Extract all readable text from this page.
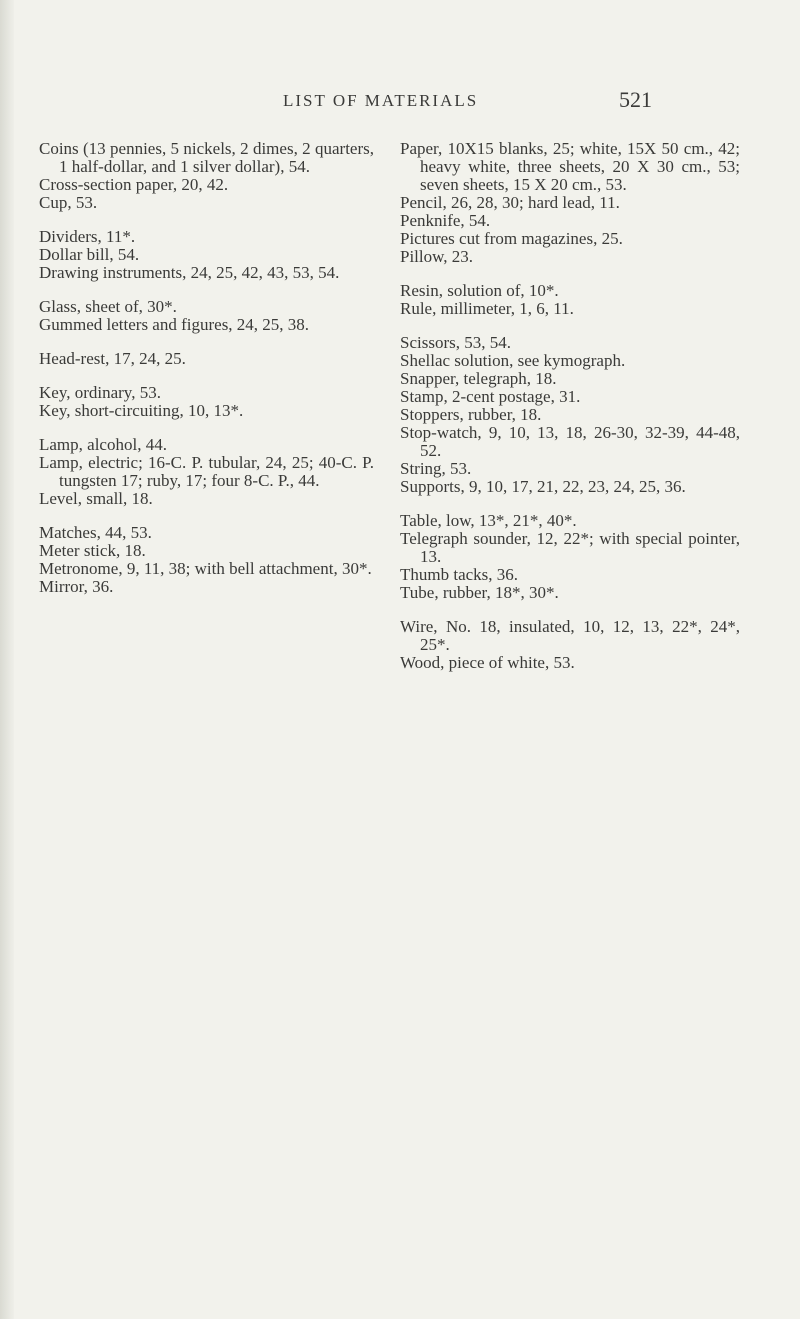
LIST OF MATERIALS	521

Coins (13 pennies, 5 nickels, 2 dimes, 2 quarters, 1 half-dollar, and 1 silver dollar), 54.

Cross-section paper, 20, 42.

Cup, 53.

Dividers, 11*.

Dollar bill, 54.

Drawing instruments, 24, 25, 42, 43, 53, 54.

Glass, sheet of, 30*.

Gummed letters and figures, 24, 25, 38.

Head-rest, 17, 24, 25.

Key, ordinary, 53.

Key, short-circuiting, 10, 13*.

Lamp, alcohol, 44.

Lamp, electric; 16-C. P. tubular, 24, 25; 40-C. P. tungsten 17; ruby, 17; four 8-C. P., 44.

Level, small, 18.

Matches, 44, 53.

Meter stick, 18.

Metronome, 9, 11, 38; with bell attachment, 30*.

Mirror, 36.

Paper, 10X15 blanks, 25; white, 15X 50 cm., 42; heavy white, three sheets, 20 X 30 cm., 53; seven sheets, 15 X 20 cm., 53.

Pencil, 26, 28, 30; hard lead, 11.

Penknife, 54.

Pictures cut from magazines, 25.

Pillow, 23.

Resin, solution of, 10*.

Rule, millimeter, 1, 6, 11.

Scissors, 53, 54.

Shellac solution, see kymograph.

Snapper, telegraph, 18.

Stamp, 2-cent postage, 31.

Stoppers, rubber, 18.

Stop-watch, 9, 10, 13, 18, 26-30, 32-39, 44-48, 52.

String, 53.

Supports, 9, 10, 17, 21, 22, 23, 24, 25, 36.

Table, low, 13*, 21*, 40*.

Telegraph sounder, 12, 22*; with special pointer, 13.

Thumb tacks, 36.

Tube, rubber, 18*, 30*.

Wire, No. 18, insulated, 10, 12, 13, 22*, 24*, 25*.

Wood, piece of white, 53.
